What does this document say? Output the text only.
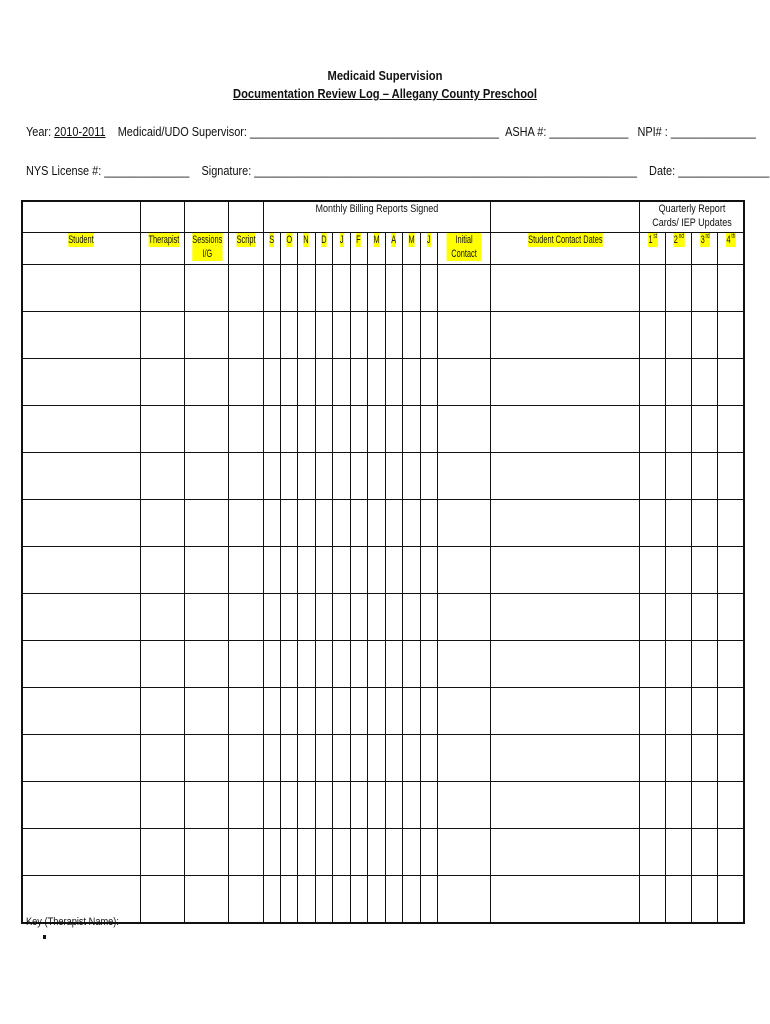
Medicaid Supervision
Documentation Review Log – Allegany County Preschool
Year: 2010-2011 Medicaid/UDO Supervisor: _________________________________________ ASHA #: _____________ NPI# : ______________
NYS License #: ______________ Signature: _______________________________________________________________ Date: _______________
				Monthly Billing Reports Signed												Quarterly Report Cards/ IEP Updates			
Student	Therapist	Sessions I/G	Script	S	O	N	D	J	F	M	A	M	J	Initial Contact	Student Contact Dates	1st	2nd	3rd	4th

Key (Therapist Name):
